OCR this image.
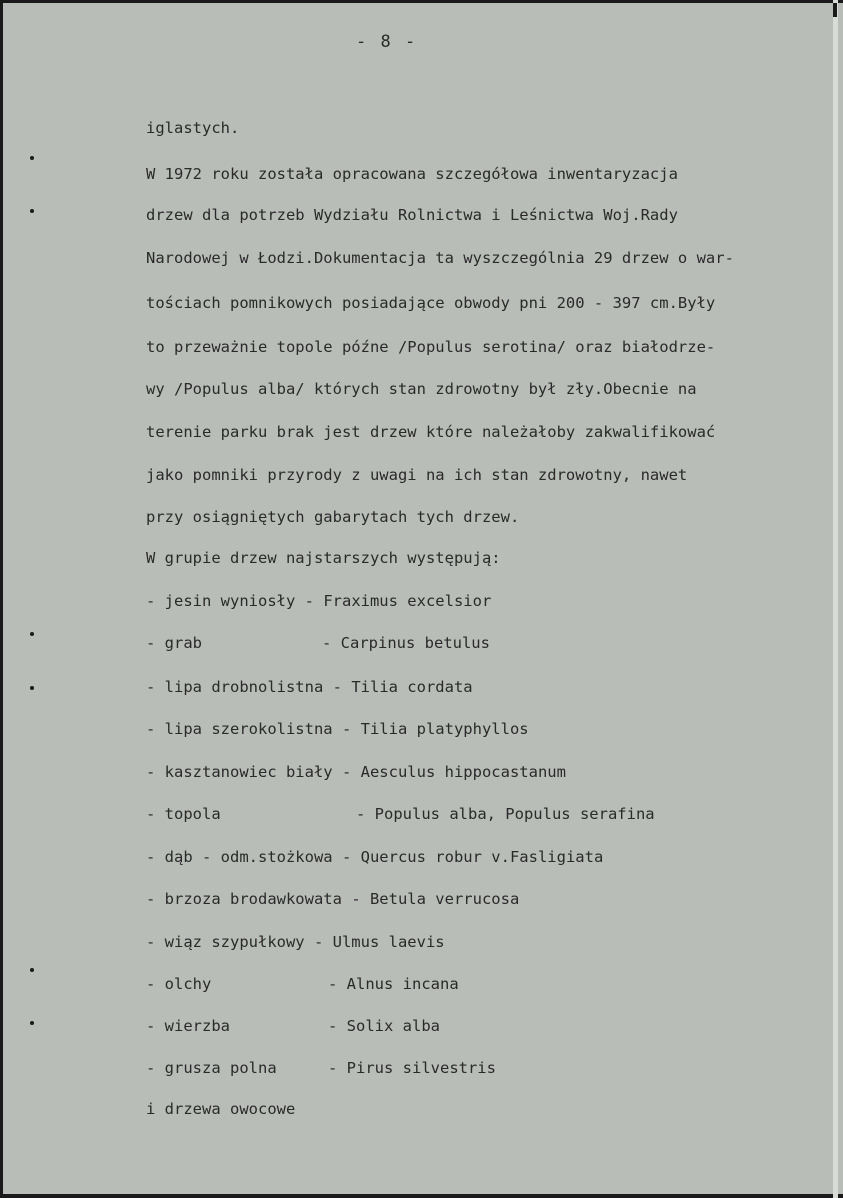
- 8 -
iglastych.
W 1972 roku została opracowana szczegółowa inwentaryzacja
drzew dla potrzeb Wydziału Rolnictwa i Leśnictwa Woj.Rady
Narodowej w Łodzi.Dokumentacja ta wyszczególnia 29 drzew o war-
tościach pomnikowych posiadające obwody pni 200 - 397 cm.Były
to przeważnie topole późne /Populus serotina/ oraz białodrze-
wy /Populus alba/ których stan zdrowotny był zły.Obecnie na
terenie parku brak jest drzew które należałoby zakwalifikować
jako pomniki przyrody z uwagi na ich stan zdrowotny, nawet
przy osiągniętych gabarytach tych drzew.
W grupie drzew najstarszych występują:
- jesin wyniosły - Fraximus excelsior
- grab	- Carpinus betulus
- lipa drobnolistna - Tilia cordata
- lipa szerokolistna - Tilia platyphyllos
- kasztanowiec biały - Aesculus hippocastanum
- topola	- Populus alba, Populus serafina
- dąb - odm.stożkowa - Quercus robur v.Fasligiata
- brzoza brodawkowata - Betula verrucosa
- wiąz szypułkowy - Ulmus laevis
- olchy	- Alnus incana
- wierzba	- Solix alba
- grusza polna	- Pirus silvestris
i drzewa owocowe
